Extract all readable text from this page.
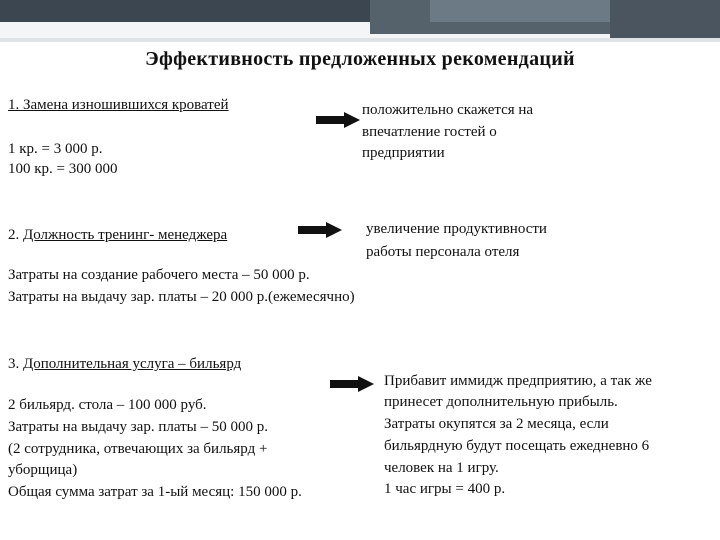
Эффективность предложенных рекомендаций
1. Замена изношившихся кроватей
1 кр. = 3 000 р.
100 кр. = 300 000
положительно скажется на
впечатление гостей о
предприятии
2. Должность тренинг- менеджера	увеличение продуктивности
работы персонала отеля
Затраты на создание рабочего места – 50 000 р.
Затраты на выдачу зар. платы – 20 000 р.(ежемесячно)
3. Дополнительная услуга – бильярд
2 бильярд. стола – 100 000 руб.
Затраты на выдачу зар. платы – 50 000 р.
(2 сотрудника, отвечающих за бильярд +
уборщица)
Общая сумма затрат за 1-ый месяц: 150 000 р.
Прибавит иммидж предприятию, а так же
принесет дополнительную прибыль.
Затраты окупятся за 2 месяца, если
бильярдную будут посещать ежедневно 6
человек на 1 игру.
1 час игры = 400 р.
